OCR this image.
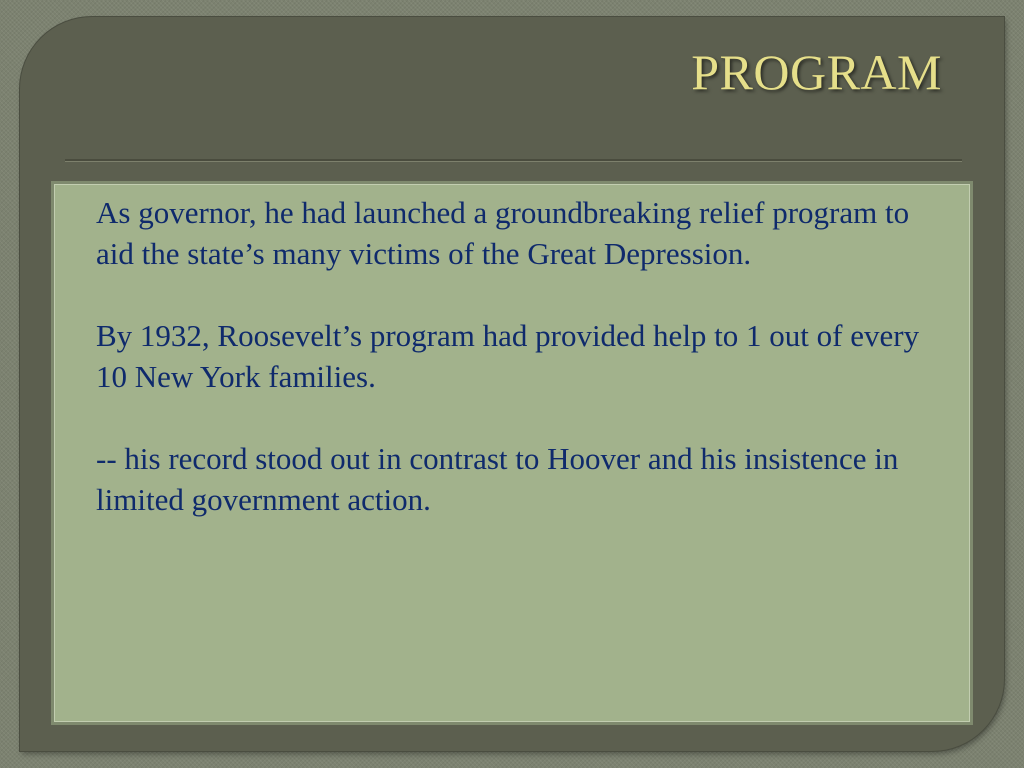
PROGRAM

As governor, he had launched a groundbreaking relief program to aid the state’s many victims of the Great Depression.

By 1932, Roosevelt’s program had provided help to 1 out of every 10 New York families.

-- his record stood out in contrast to Hoover and his insistence in limited government action.
